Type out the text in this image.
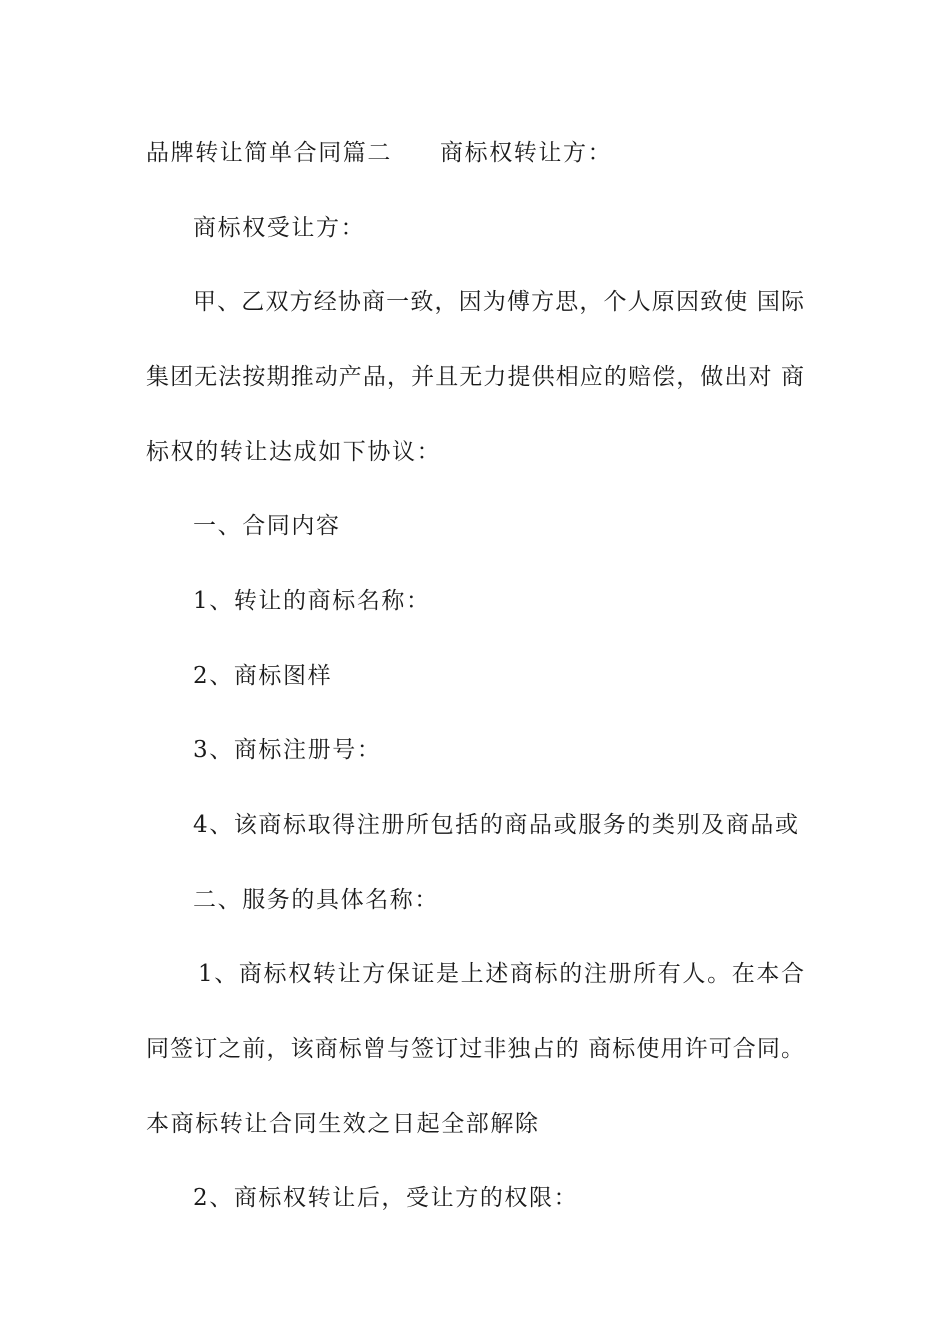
品牌转让简单合同篇二 商标权转让方：
商标权受让方：
甲、乙双方经协商一致，因为傅方思，个人原因致使 国际
集团无法按期推动产品，并且无力提供相应的赔偿，做出对 商
标权的转让达成如下协议：
一、合同内容
1、转让的商标名称：
2、商标图样
3、商标注册号：
4、该商标取得注册所包括的商品或服务的类别及商品或
二、服务的具体名称：
1、商标权转让方保证是上述商标的注册所有人。在本合
同签订之前，该商标曾与签订过非独占的 商标使用许可合同。
本商标转让合同生效之日起全部解除
2、商标权转让后，受让方的权限：
